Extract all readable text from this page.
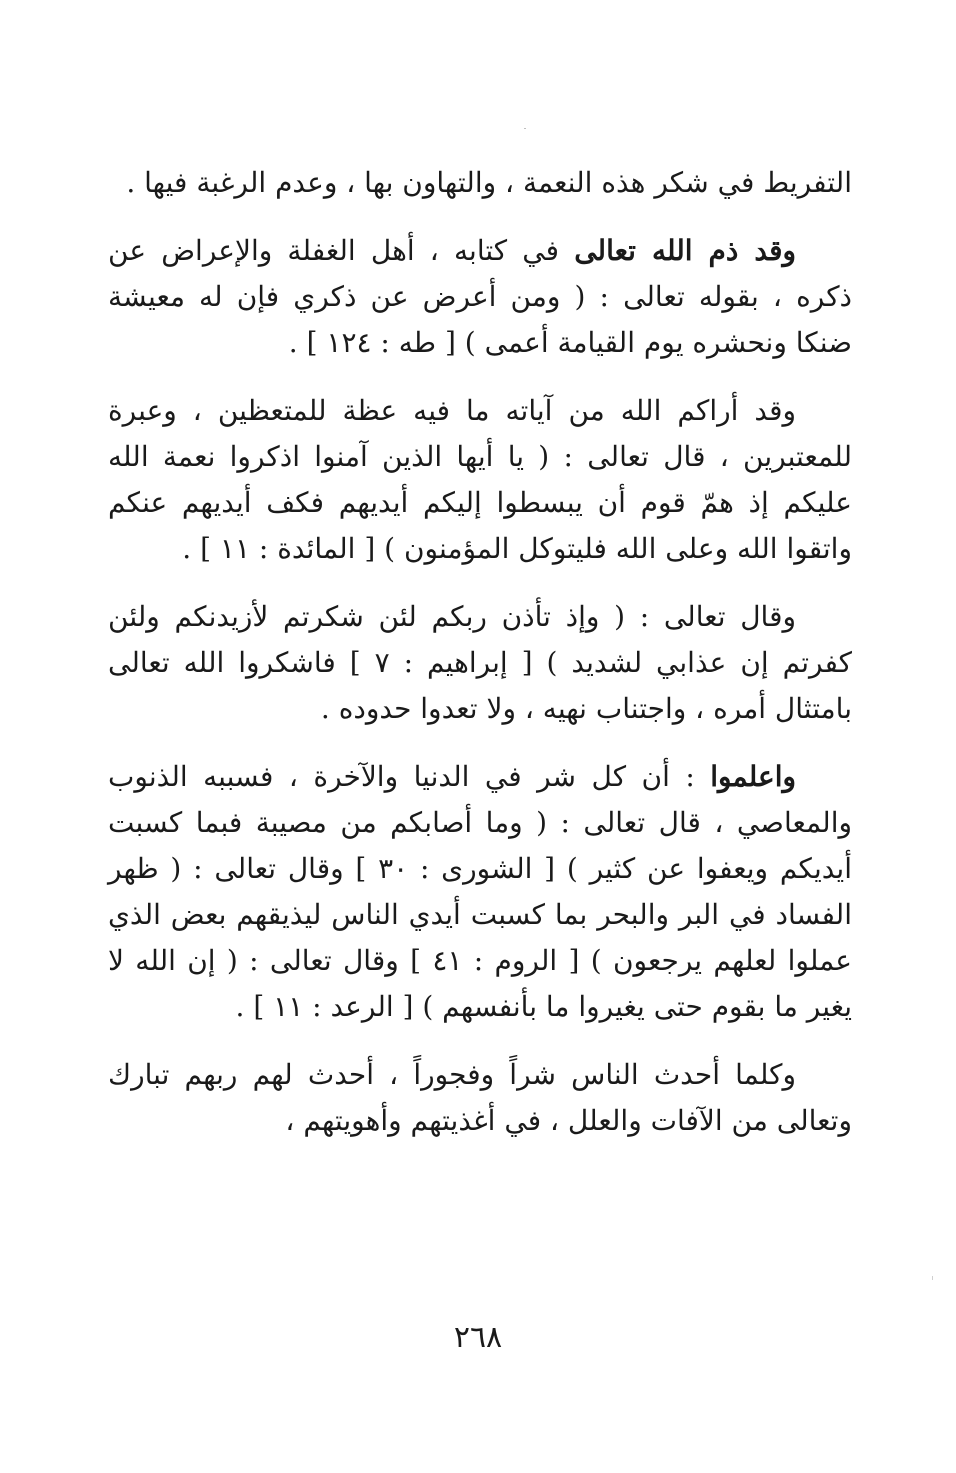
التفريط في شكر هذه النعمة ، والتهاون بها ، وعدم الرغبة فيها .

وقد ذم الله تعالى في كتابه ، أهل الغفلة والإعراض عن ذكره ، بقوله تعالى : ( ومن أعرض عن ذكري فإن له معيشة ضنكا ونحشره يوم القيامة أعمى ) [ طه : ١٢٤ ] .

وقد أراكم الله من آياته ما فيه عظة للمتعظين ، وعبرة للمعتبرين ، قال تعالى : ( يا أيها الذين آمنوا اذكروا نعمة الله عليكم إذ همّ قوم أن يبسطوا إليكم أيديهم فكف أيديهم عنكم واتقوا الله وعلى الله فليتوكل المؤمنون ) [ المائدة : ١١ ] .

وقال تعالى : ( وإذ تأذن ربكم لئن شكرتم لأزيدنكم ولئن كفرتم إن عذابي لشديد ) [ إبراهيم : ٧ ] فاشكروا الله تعالى بامتثال أمره ، واجتناب نهيه ، ولا تعدوا حدوده .

واعلموا : أن كل شر في الدنيا والآخرة ، فسببه الذنوب والمعاصي ، قال تعالى : ( وما أصابكم من مصيبة فبما كسبت أيديكم ويعفوا عن كثير ) [ الشورى : ٣٠ ] وقال تعالى : ( ظهر الفساد في البر والبحر بما كسبت أيدي الناس ليذيقهم بعض الذي عملوا لعلهم يرجعون ) [ الروم : ٤١ ] وقال تعالى : ( إن الله لا يغير ما بقوم حتى يغيروا ما بأنفسهم ) [ الرعد : ١١ ] .

وكلما أحدث الناس شراً وفجوراً ، أحدث لهم ربهم تبارك وتعالى من الآفات والعلل ، في أغذيتهم وأهويتهم ،

٢٦٨
